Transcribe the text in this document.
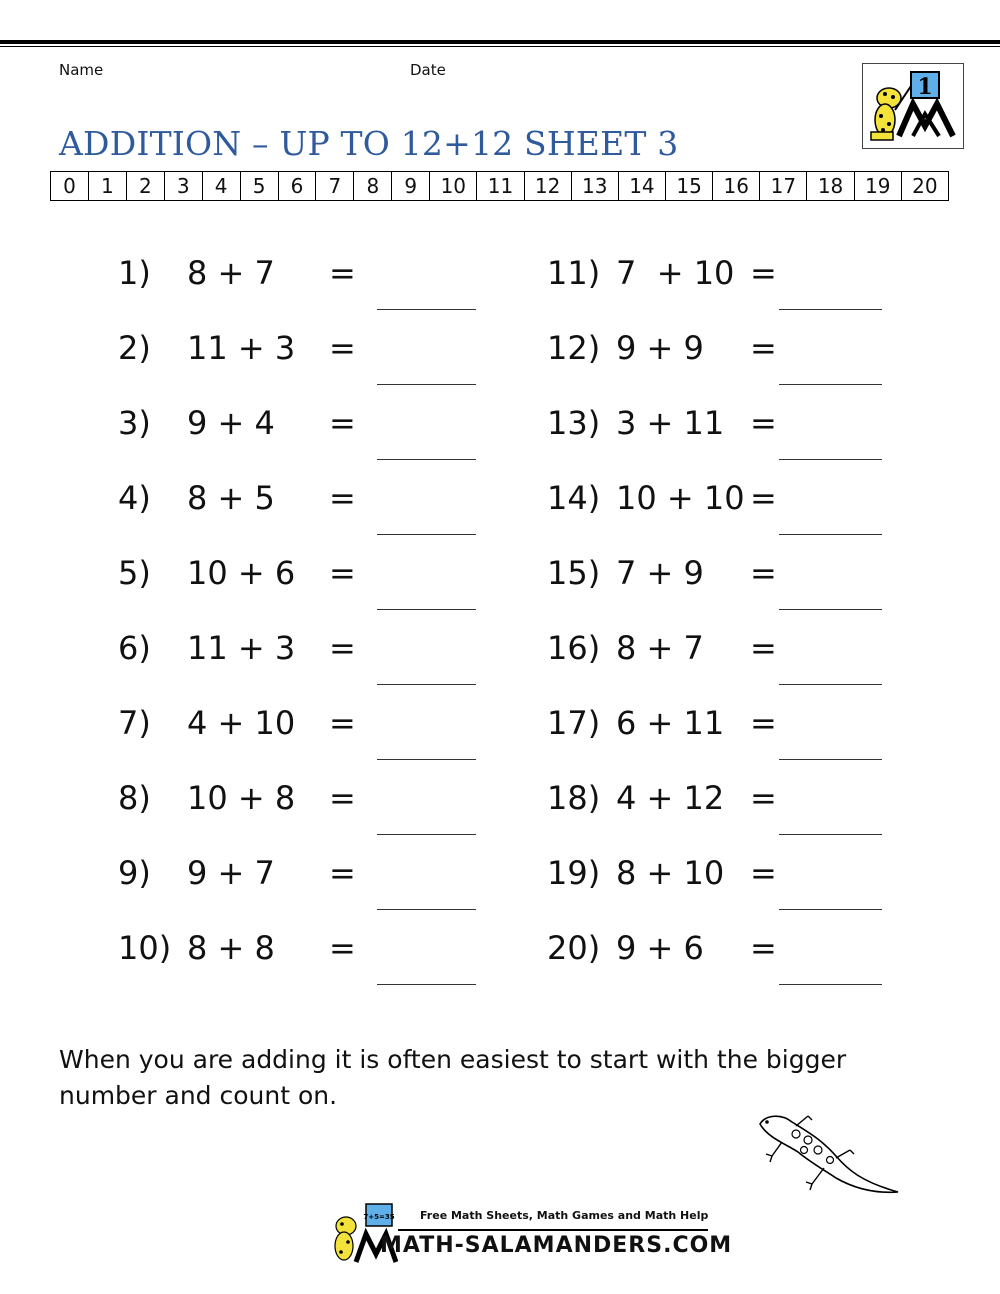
Name	Date
ADDITION – UP TO 12+12 SHEET 3
1
0	1	2	3	4	5	6	7	8	9	10	11	12	13	14	15	16	17	18	19	20
1) 8 + 7 =
2) 11 + 3 =
3) 9 + 4 =
4) 8 + 5 =
5) 10 + 6 =
6) 11 + 3 =
7) 4 + 10 =
8) 10 + 8 =
9) 9 + 7 =
10) 8 + 8 =
11) 7  + 10 =
12) 9 + 9 =
13) 3 + 11 =
14) 10 + 10 =
15) 7 + 9 =
16) 8 + 7 =
17) 6 + 11 =
18) 4 + 12 =
19) 8 + 10 =
20) 9 + 6 =
When you are adding it is often easiest to start with the bigger number and count on.
7+5=35 Free Math Sheets, Math Games and Math Help
MATH-SALAMANDERS.COM
